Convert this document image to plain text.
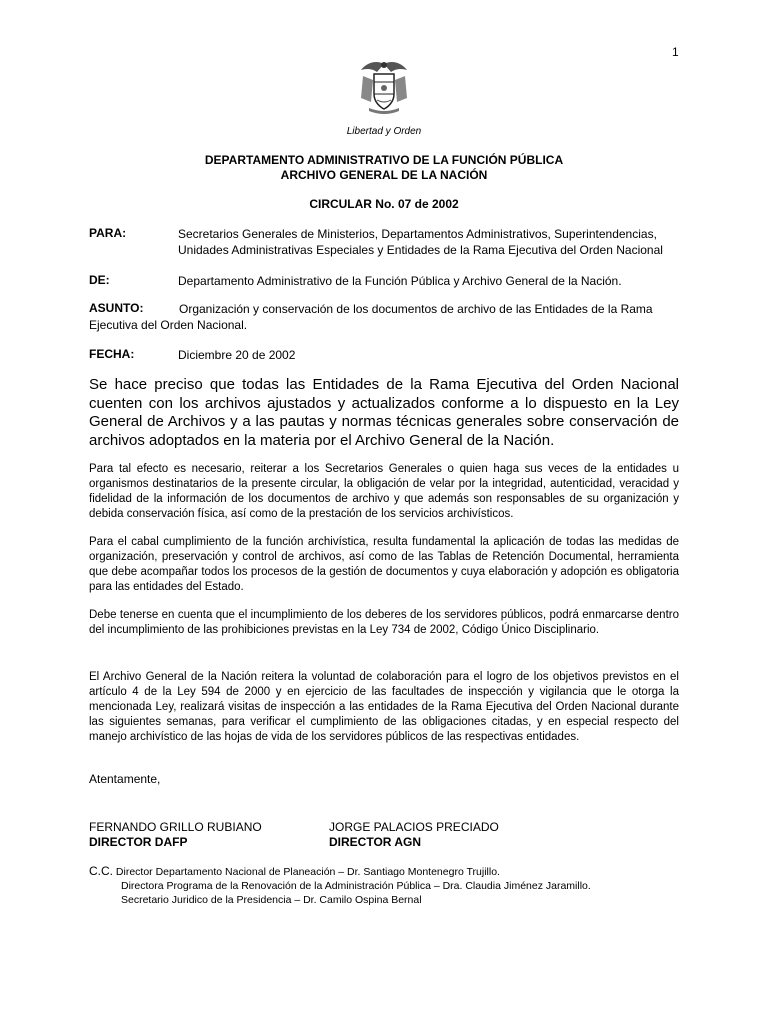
1
Libertad y Orden
DEPARTAMENTO ADMINISTRATIVO DE LA FUNCIÓN PÚBLICA
ARCHIVO GENERAL DE LA NACIÓN
CIRCULAR No. 07 de 2002
PARA:	Secretarios Generales de Ministerios, Departamentos Administrativos, Superintendencias,
Unidades Administrativas Especiales y Entidades de la Rama Ejecutiva del Orden Nacional
DE:	Departamento Administrativo de la Función Pública y Archivo General de la Nación.
ASUNTO:	Organización y conservación de los documentos de archivo de las Entidades de la Rama Ejecutiva del Orden Nacional.
FECHA:	Diciembre 20 de 2002
Se hace preciso que todas las Entidades de la Rama Ejecutiva del Orden Nacional cuenten con los archivos ajustados y actualizados conforme a lo dispuesto en la Ley General de Archivos y a las pautas y normas técnicas generales sobre conservación de archivos adoptados en la materia por el Archivo General de la Nación.
Para tal efecto es necesario, reiterar a los Secretarios Generales o quien haga sus veces de la entidades u organismos destinatarios de la presente circular, la obligación de velar por la integridad, autenticidad, veracidad y fidelidad de la información de los documentos de archivo y que además son responsables de su organización y debida conservación física, así como de la prestación de los servicios archivísticos.
Para el cabal cumplimiento de la función archivística, resulta fundamental la aplicación de todas las medidas de organización, preservación y control de archivos, así como de las Tablas de Retención Documental, herramienta que debe acompañar todos los procesos de la gestión de documentos y cuya elaboración y adopción es obligatoria para las entidades del Estado.
Debe tenerse en cuenta que el incumplimiento de los deberes de los servidores públicos, podrá enmarcarse dentro del incumplimiento de las prohibiciones previstas en la Ley 734 de 2002, Código Único Disciplinario.
El Archivo General de la Nación reitera la voluntad de colaboración para el logro de los objetivos previstos en el artículo 4 de la Ley 594 de 2000 y en ejercicio de las facultades de inspección y vigilancia que le otorga la mencionada Ley, realizará visitas de inspección a las entidades de la Rama Ejecutiva del Orden Nacional durante las siguientes semanas, para verificar el cumplimiento de las obligaciones citadas, y en especial respecto del manejo archivístico de las hojas de vida de los servidores públicos de las respectivas entidades.
Atentamente,
FERNANDO GRILLO RUBIANO
DIRECTOR DAFP
JORGE PALACIOS PRECIADO
DIRECTOR AGN
C.C. Director Departamento Nacional de Planeación – Dr. Santiago Montenegro Trujillo.
Directora Programa de la Renovación de la Administración Pública – Dra. Claudia Jiménez Jaramillo.
Secretario Juridico de la Presidencia – Dr. Camilo Ospina Bernal
